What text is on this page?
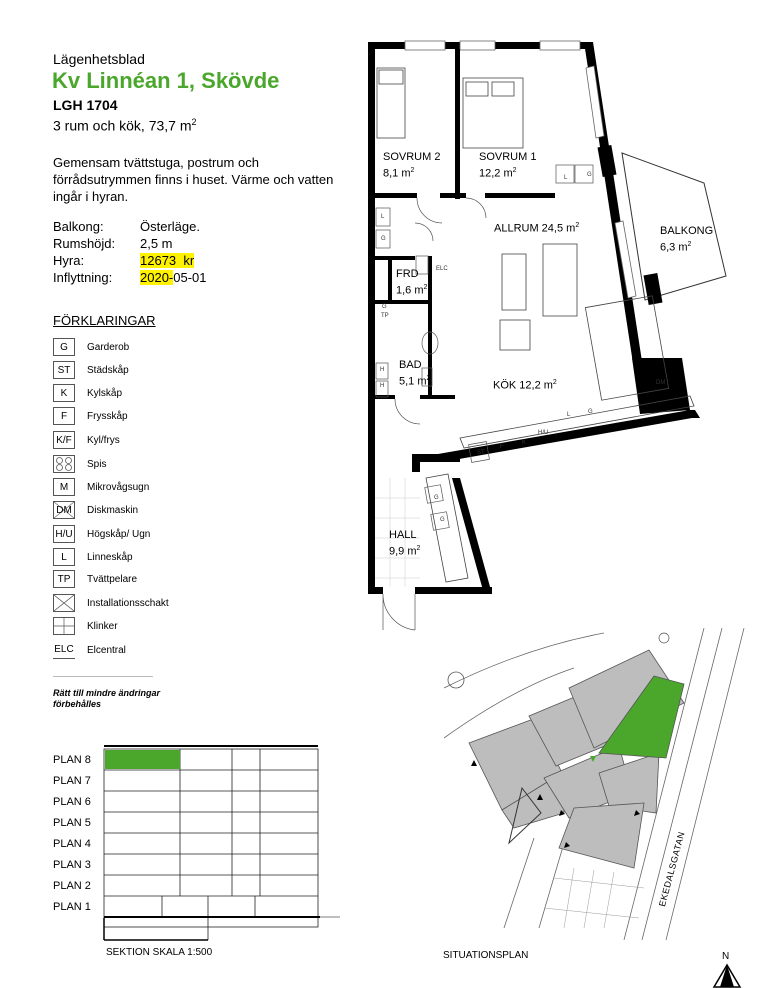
Lägenhetsblad
Kv Linnéan 1, Skövde
LGH 1704
3 rum och kök, 73,7 $m^2$
Gemensam tvättstuga, postrum och förrådsutrymmen finns i huset. Värme och vatten ingår i hyran.
Balkong:	Österläge.
Rumshöjd: 2,5 m
Hyra:	12673  kr
Inflyttning: 2020-05-01
FÖRKLARINGAR
G	Garderob
ST	Städskåp
K	Kylskåp
F	Frysskåp
K/F	Kyl/frys
Spis
M	Mikrovågsugn
DM Diskmaskin
H/U Högskåp/ Ugn
L	Linneskåp
TP	Tvättpelare
Installationsschakt
Klinker
ELC Elcentral
Rätt till mindre ändringar förbehålles
PLAN 8
PLAN 7
PLAN 6
PLAN 5
PLAN 4
PLAN 3
PLAN 2
PLAN 1
SEKTION SKALA 1:500
SOVRUM 2
8,1 $m^2$
SOVRUM 1
12,2 $m^2$
ALLRUM 24,5 $m^2$	BALKONG
6,3 $m^2$
FRD
1,6 $m^2$
BAD
5,1 $m^2$
KÖK 12,2 $m^2$
HALL
9,9 $m^2$
L	G
L
G
L	G
G
ELC
TP
H
H
ST
F
K
H/U
DM
G
G
EKEDALSGATAN
SITUATIONSPLAN	N
